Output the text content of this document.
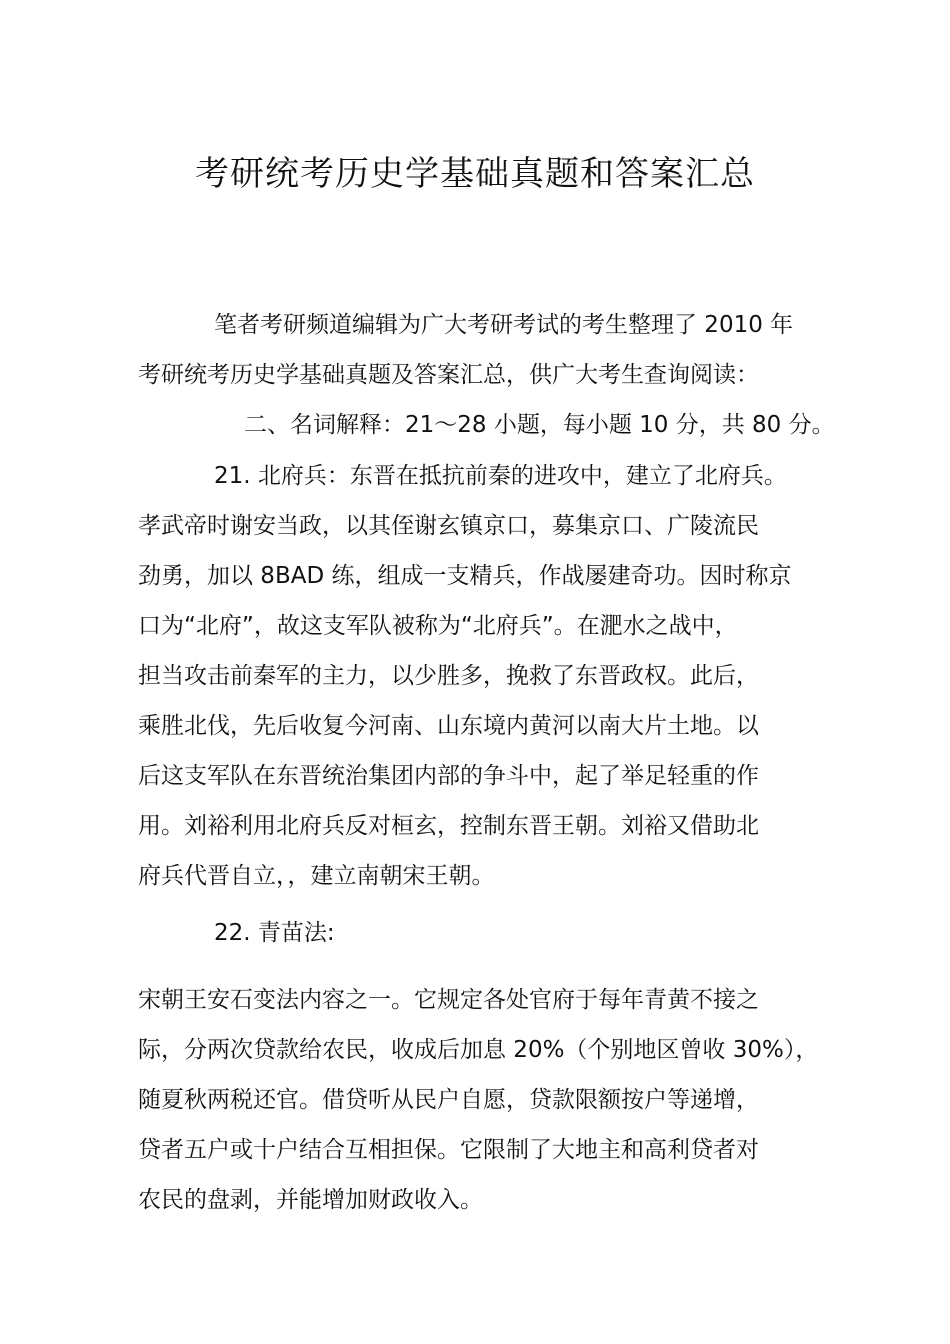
考研统考历史学基础真题和答案汇总

笔者考研频道编辑为广大考研考试的考生整理了 2010 年

考研统考历史学基础真题及答案汇总，供广大考生查询阅读：

二、名词解释：21～28 小题，每小题 10 分，共 80 分。

21. 北府兵：东晋在抵抗前秦的进攻中，建立了北府兵。

孝武帝时谢安当政，以其侄谢玄镇京口，募集京口、广陵流民

劲勇，加以 8BAD 练，组成一支精兵，作战屡建奇功。因时称京

口为“北府”，故这支军队被称为“北府兵”。在淝水之战中，

担当攻击前秦军的主力，以少胜多，挽救了东晋政权。此后，

乘胜北伐，先后收复今河南、山东境内黄河以南大片土地。以

后这支军队在东晋统治集团内部的争斗中，起了举足轻重的作

用。刘裕利用北府兵反对桓玄，控制东晋王朝。刘裕又借助北

府兵代晋自立，，建立南朝宋王朝。

22. 青苗法:

宋朝王安石变法内容之一。它规定各处官府于每年青黄不接之

际，分两次贷款给农民，收成后加息 20%（个别地区曾收 30%），

随夏秋两税还官。借贷听从民户自愿，贷款限额按户等递增，

贷者五户或十户结合互相担保。它限制了大地主和高利贷者对

农民的盘剥，并能增加财政收入。
